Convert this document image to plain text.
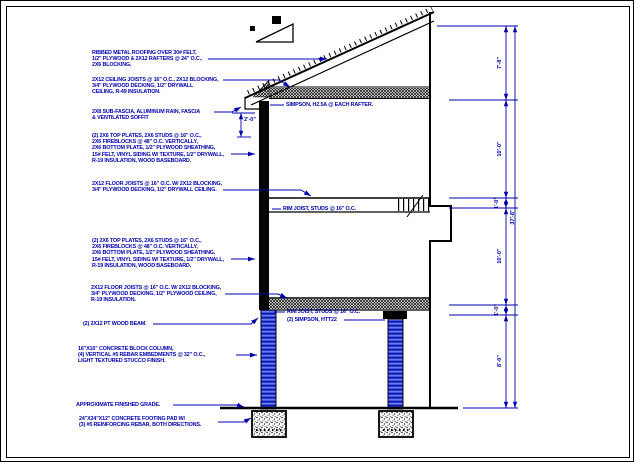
RIBBED METAL ROOFING OVER 30# FELT,
1/2" PLYWOOD & 2X12 RAFTERS @ 24" O.C.,
2X6 BLOCKING.
2X12 CEILING JOISTS @ 16" O.C., 2X12 BLOCKING,
3/4" PLYWOOD DECKING, 1/2" DRYWALL
CEILING, R-49 INSULATION.
2X8 SUB-FASCIA, ALUMINUM RAIN, FASCIA
& VENTILATED SOFFIT
(2) 2X6 TOP PLATES, 2X6 STUDS @ 16" O.C.,
2X6 FIREBLOCKS @ 48" O.C. VERTICALLY,
2X6 BOTTOM PLATE, 1/2" PLYWOOD SHEATHING,
15# FELT, VINYL SIDING W/ TEXTURE, 1/2" DRYWALL,
R-19 INSULATION, WOOD BASEBOARD.
2X12 FLOOR JOISTS @ 16" O.C. W/ 2X12 BLOCKING,
3/4" PLYWOOD DECKING, 1/2" DRYWALL CEILING.
(2) 2X6 TOP PLATES, 2X6 STUDS @ 16" O.C.,
2X6 FIREBLOCKS @ 48" O.C. VERTICALLY,
2X6 BOTTOM PLATE, 1/2" PLYWOOD SHEATHING,
15# FELT, VINYL SIDING W/ TEXTURE, 1/2" DRYWALL,
R-19 INSULATION, WOOD BASEBOARD.
2X12 FLOOR JOISTS @ 16" O.C. W/ 2X12 BLOCKING,
3/4" PLYWOOD DECKING, 1/2" PLYWOOD CEILING,
R-19 INSULATION.
(2) 2X12 PT WOOD BEAM.
16"X16" CONCRETE BLOCK COLUMN,
(4) VERTICAL #5 REBAR EMBEDMENTS @ 32" O.C.,
LIGHT TEXTURED STUCCO FINISH.
APPROXIMATE FINISHED GRADE.
24"X24"X12" CONCRETE FOOTING PAD W/
(3) #5 REINFORCING REBAR, BOTH DIRECTIONS.
SIMPSON, H2.5A @ EACH RAFTER.
RIM JOIST, STUDS @ 16" O.C.
RIM JOIST, STUDS @ 16" O.C.
(2) SIMPSON, HTT22
2'-0"
7'-8"
10'-0"
1'-0"
10'-0"
1'-0"
8'-0"
37'-8"
